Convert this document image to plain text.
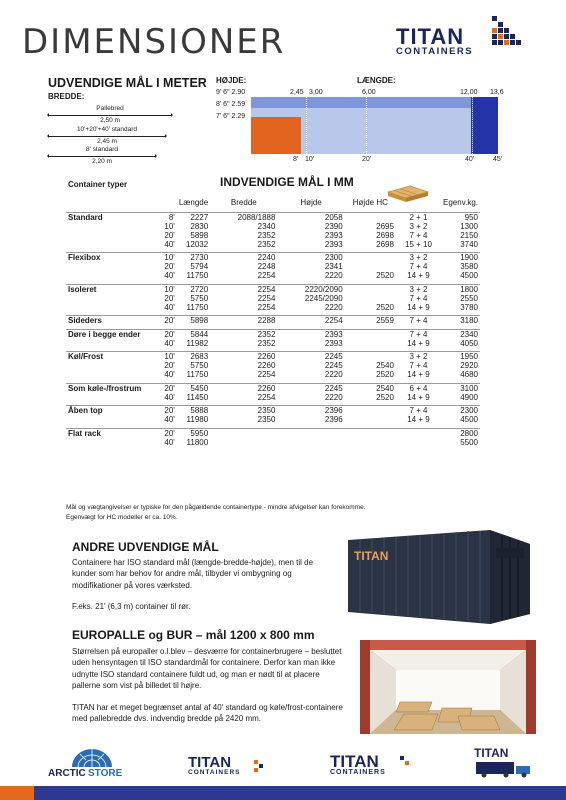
DIMENSIONER	TITAN
CONTAINERS
UDVENDIGE MÅL I METER
BREDDE:
Pallebred
2,50 m
10'+20'+40' standard
2,45 m
8' standard
2,20 m
HØJDE:	LÆNGDE:
9' 6" 2.90
8' 6" 2.59
7' 6" 2.29
2,45 3,00	6,00	12,00 13,6
8' 10'	20'	40'	45'
Container typer	INDVENDIGE MÅL I MM

		Længde	Bredde	Højde	Højde HC		Egenv.kg.

Standard	8'	2227	2088/1888	2058		2 + 1	950
	10'	2830	2340	2390	2695	3 + 2	1300
	20'	5898	2352	2393	2698	7 + 4	2150
	40'	12032	2352	2393	2698	15 + 10	3740

Flexibox	10'	2730	2240	2300		3 + 2	1900
	20'	5794	2248	2341		7 + 4	3580
	40'	11750	2254	2220	2520	14 + 9	4500

Isoleret	10'	2720	2254	2220/2090		3 + 2	1800
	20'	5750	2254	2245/2090		7 + 4	2550
	40'	11750	2254	2220	2520	14 + 9	3780

Sideders	20'	5898	2288	2254	2559	7 + 4	3180

Døre i begge ender	20'	5844	2352	2393		7 + 4	2340
	40'	11982	2352	2393		14 + 9	4050

Køl/Frost	10'	2683	2260	2245		3 + 2	1950
	20'	5750	2260	2245	2540	7 + 4	2920
	40'	11750	2254	2220	2520	14 + 9	4680

Som køle-/frostrum	20'	5450	2260	2245	2540	6 + 4	3100
	40'	11450	2254	2220	2520	14 + 9	4900

Åben top	20'	5888	2350	2396		7 + 4	2300
	40'	11980	2350	2396		14 + 9	4500

Flat rack	20'	5950					2800
	40'	11800					5500

Mål og vægtangivelser er typiske for den pågældende containertype - mindre afvigelser kan forekomme.
Egenvægt for HC modeller er ca. 10%.
ANDRE UDVENDIGE MÅL
Containere har ISO standard mål (længde-bredde-højde), men til de kunder som har behov for andre mål, tilbyder vi ombygning og modifikationer på vores værksted.
F.eks. 21' (6,3 m) container til rør.
TITAN
EUROPALLE og BUR – mål 1200 x 800 mm
Størrelsen på europaller o.l.blev – desværre for containerbrugere – besluttet uden hensyntagen til ISO standardmål for containere. Derfor kan man ikke udnytte ISO standard containere fuldt ud, og man er nødt til at placere pallerne som vist på billedet til højre.
TITAN har et meget begrænset antal af 40' standard og køle/frost-containere med pallebredde dvs. indvendig bredde på 2420 mm.
ARCTIC STORE
TITAN
CONTAINERS
TITAN
CONTAINERS
TITAN
